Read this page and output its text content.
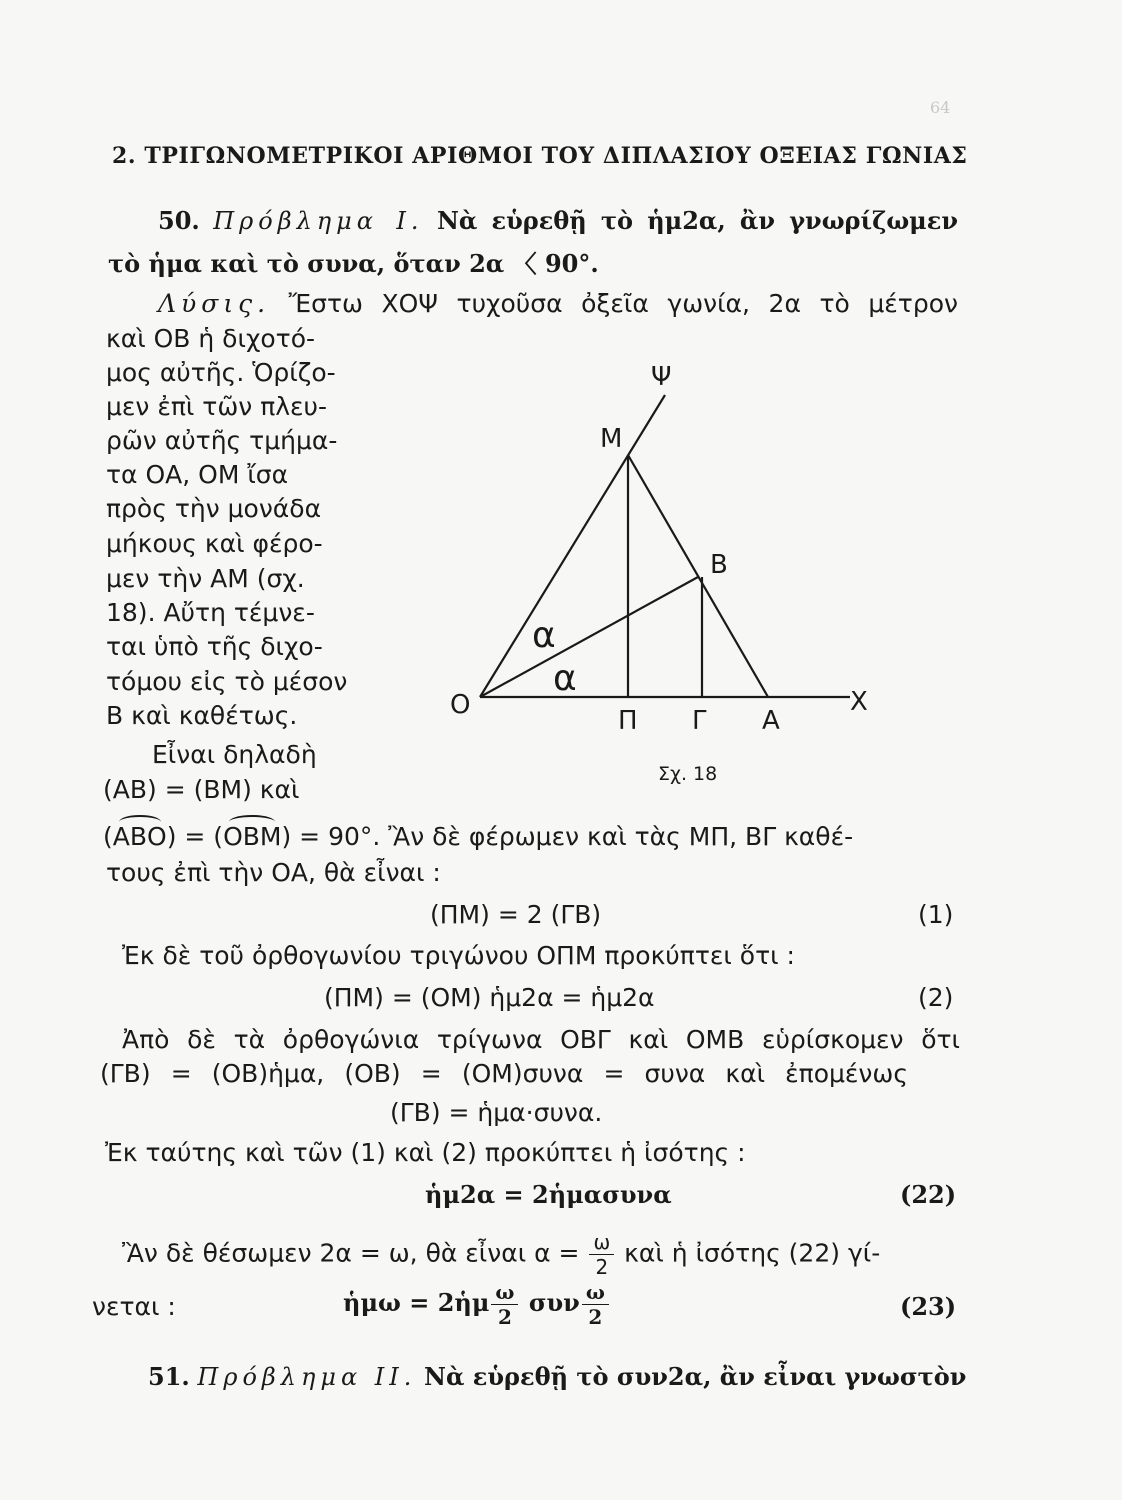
64
2. ΤΡΙΓΩΝΟΜΕΤΡΙΚΟΙ ΑΡΙΘΜΟΙ ΤΟΥ ΔΙΠΛΑΣΙΟΥ ΟΞΕΙΑΣ ΓΩΝΙΑΣ
50. Πρόβλημα Ι. Νὰ εὑρεθῇ τὸ ἡμ2α, ἂν γνωρίζωμεν
τὸ ἡμα καὶ τὸ συνα, ὅταν 2α 〈 90°.
Λύσις. Ἔστω ΧΟΨ τυχοῦσα ὀξεῖα γωνία, 2α τὸ μέτρον
καὶ ΟΒ ἡ διχοτό-
μος αὐτῆς. Ὁρίζο-
μεν ἐπὶ τῶν πλευ-
ρῶν αὐτῆς τμήμα-
τα ΟΑ, ΟΜ ἴσα
πρὸς τὴν μονάδα
μήκους καὶ φέρο-
μεν τὴν ΑΜ (σχ.
18). Αὔτη τέμνε-
ται ὑπὸ τῆς διχο-
τόμου εἰς τὸ μέσον
Β καὶ καθέτως.
Εἶναι δηλαδὴ
(ΑΒ) = (ΒΜ) καὶ
(ΑΒΟ) = (ΟΒΜ) = 90°. Ἂν δὲ φέρωμεν καὶ τὰς ΜΠ, ΒΓ καθέ-
τους ἐπὶ τὴν ΟΑ, θὰ εἶναι :
Ψ
Μ
Β
Ο
Π Γ Α
Χ
α
α
Σχ. 18
(ΠΜ) = 2 (ΓΒ)	(1)
Ἐκ δὲ τοῦ ὀρθογωνίου τριγώνου ΟΠΜ προκύπτει ὅτι :
(ΠΜ) = (ΟΜ) ἡμ2α = ἡμ2α	(2)
Ἀπὸ δὲ τὰ ὀρθογώνια τρίγωνα ΟΒΓ καὶ ΟΜΒ εὑρίσκομεν ὅτι
(ΓΒ) = (ΟΒ)ἡμα, (ΟΒ) = (ΟΜ)συνα = συνα καὶ ἐπομένως
(ΓΒ) = ἡμα·συνα.
Ἐκ ταύτης καὶ τῶν (1) καὶ (2) προκύπτει ἡ ἰσότης :
ἡμ2α = 2ἡμασυνα	(22)
Ἂν δὲ θέσωμεν 2α = ω, θὰ εἶναι $\alpha = \frac{\omega}{2}$ καὶ ἡ ἰσότης (22) γί-
νεται :	ἡμω = 2ἡμ $\frac{\omega}{2}$ συν $\frac{\omega}{2}$	(23)
51. Πρόβλημα ΙΙ. Νὰ εὑρεθῇ τὸ συν2α, ἂν εἶναι γνωστὸν
